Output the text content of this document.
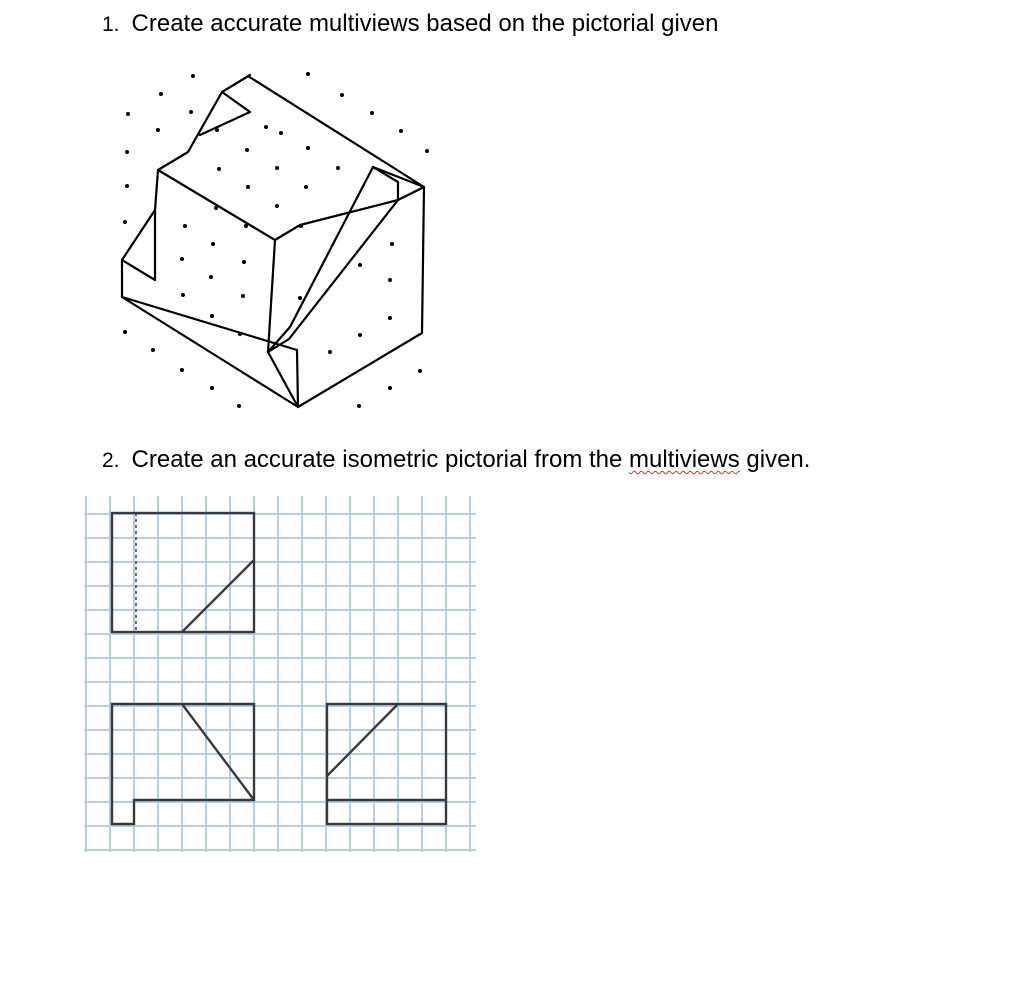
1. Create accurate multiviews based on the pictorial given
2. Create an accurate isometric pictorial from the multiviews given.
